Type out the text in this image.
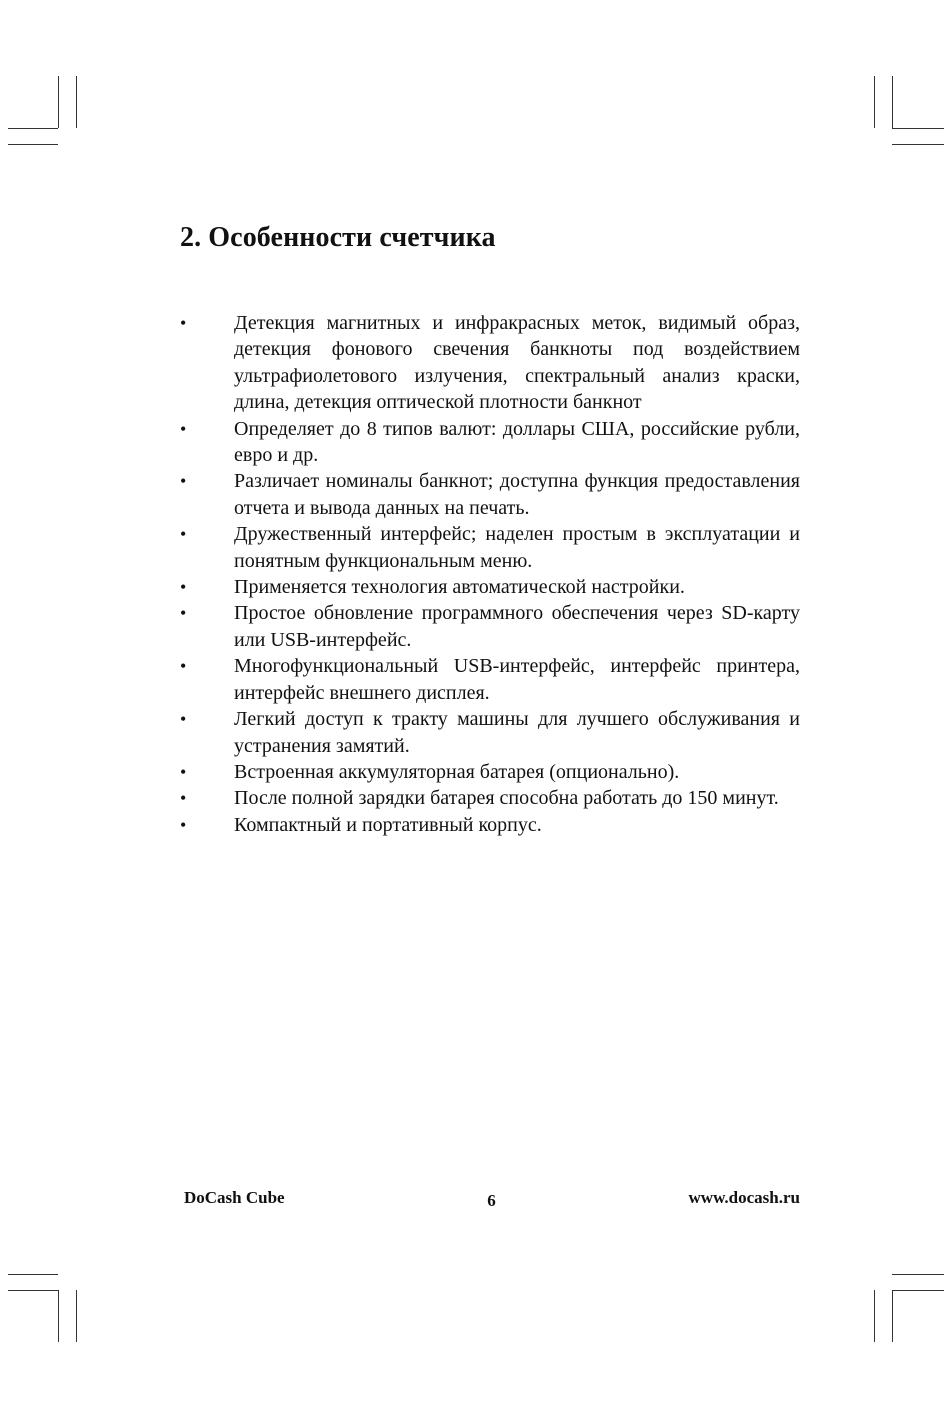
2. Особенности счетчика
• Детекция магнитных и инфракрасных меток, видимый образ, детекция фонового свечения банкноты под воздействием ультрафиолетового излучения, спектральный анализ краски, длина, детекция оптической плотности банкнот
• Определяет до 8 типов валют: доллары США, российские рубли, евро и др.
• Различает номиналы банкнот; доступна функция предоставления отчета и вывода данных на печать.
• Дружественный интерфейс; наделен простым в эксплуатации и понятным функциональным меню.
• Применяется технология автоматической настройки.
• Простое обновление программного обеспечения через SD-карту или USB-интерфейс.
• Многофункциональный USB-интерфейс, интерфейс принтера, интерфейс внешнего дисплея.
• Легкий доступ к тракту машины для лучшего обслуживания и устранения замятий.
• Встроенная аккумуляторная батарея (опционально).
• После полной зарядки батарея способна работать до 150 минут.
• Компактный и портативный корпус.
DoCash Cube	6	www.docash.ru
